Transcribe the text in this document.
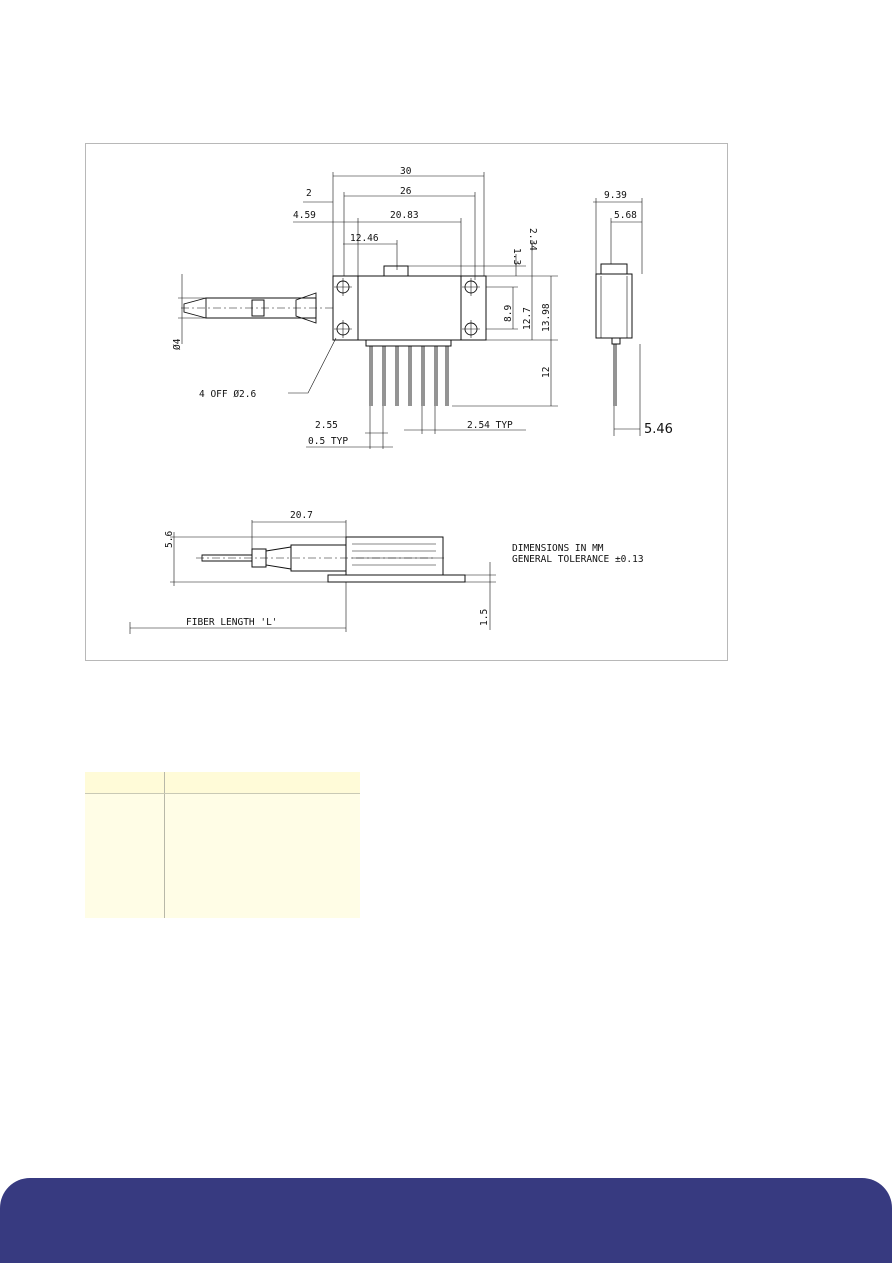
30
26
2
4.59	20.83
12.46
1.3
2.34
8.9 12.7 13.98
Ø4
12
4 OFF Ø2.6
2.55
0.5 TYP
2.54 TYP
9.39
5.68
5.46
20.7
5.6
1.5
FIBER LENGTH 'L'
DIMENSIONS IN MM
GENERAL TOLERANCE ±0.13
